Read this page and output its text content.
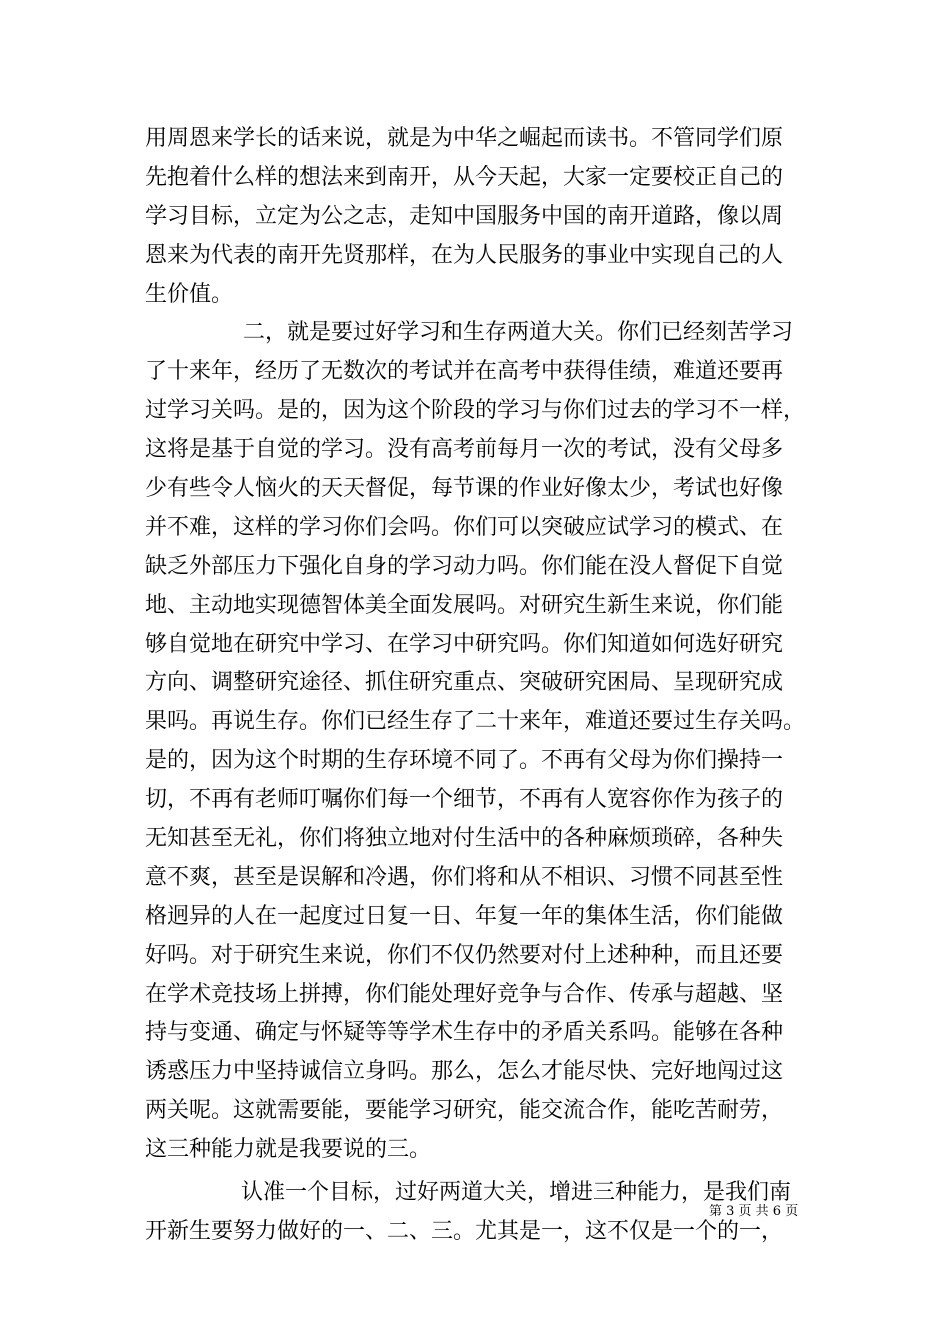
用周恩来学长的话来说，就是为中华之崛起而读书。不管同学们原
先抱着什么样的想法来到南开，从今天起，大家一定要校正自己的
学习目标，立定为公之志，走知中国服务中国的南开道路，像以周
恩来为代表的南开先贤那样，在为人民服务的事业中实现自己的人
生价值。
二，就是要过好学习和生存两道大关。你们已经刻苦学习
了十来年，经历了无数次的考试并在高考中获得佳绩，难道还要再
过学习关吗。是的，因为这个阶段的学习与你们过去的学习不一样，
这将是基于自觉的学习。没有高考前每月一次的考试，没有父母多
少有些令人恼火的天天督促，每节课的作业好像太少，考试也好像
并不难，这样的学习你们会吗。你们可以突破应试学习的模式、在
缺乏外部压力下强化自身的学习动力吗。你们能在没人督促下自觉
地、主动地实现德智体美全面发展吗。对研究生新生来说，你们能
够自觉地在研究中学习、在学习中研究吗。你们知道如何选好研究
方向、调整研究途径、抓住研究重点、突破研究困局、呈现研究成
果吗。再说生存。你们已经生存了二十来年，难道还要过生存关吗。
是的，因为这个时期的生存环境不同了。不再有父母为你们操持一
切，不再有老师叮嘱你们每一个细节，不再有人宽容你作为孩子的
无知甚至无礼，你们将独立地对付生活中的各种麻烦琐碎，各种失
意不爽，甚至是误解和冷遇，你们将和从不相识、习惯不同甚至性
格迥异的人在一起度过日复一日、年复一年的集体生活，你们能做
好吗。对于研究生来说，你们不仅仍然要对付上述种种，而且还要
在学术竞技场上拼搏，你们能处理好竞争与合作、传承与超越、坚
持与变通、确定与怀疑等等学术生存中的矛盾关系吗。能够在各种
诱惑压力中坚持诚信立身吗。那么，怎么才能尽快、完好地闯过这
两关呢。这就需要能，要能学习研究，能交流合作，能吃苦耐劳，
这三种能力就是我要说的三。
认准一个目标，过好两道大关，增进三种能力，是我们南
开新生要努力做好的一、二、三。尤其是一，这不仅是一个的一，
第 3 页 共 6 页
